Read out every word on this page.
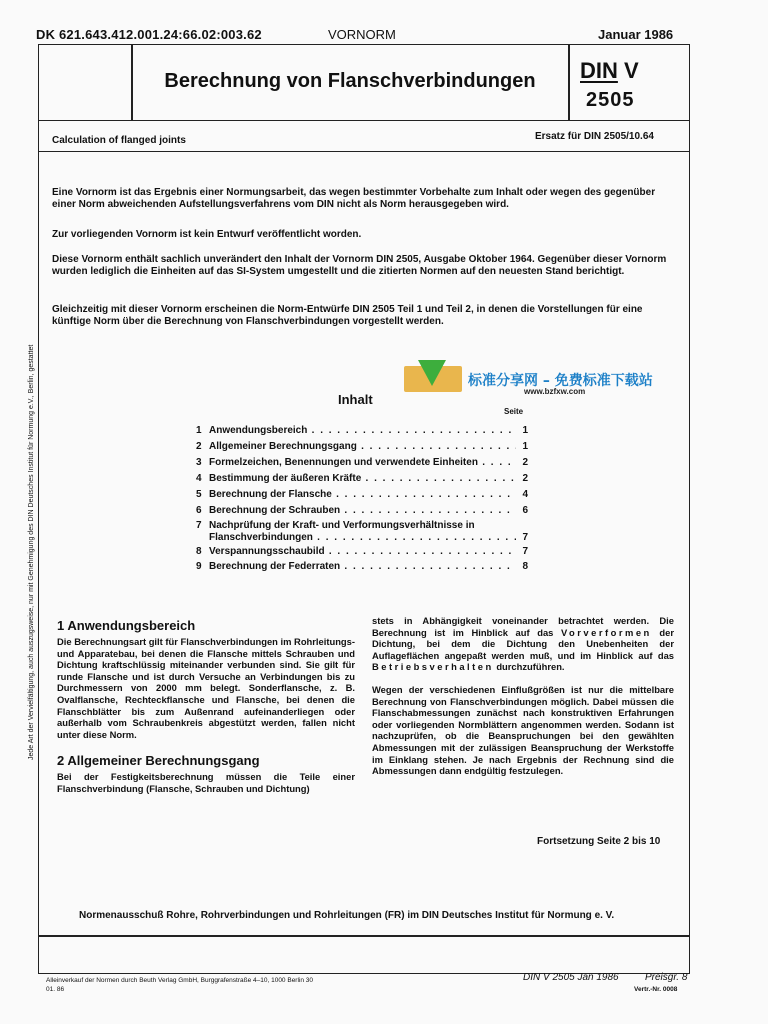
DK 621.643.412.001.24:66.02:003.62	VORNORM	Januar 1986
Berechnung von Flanschverbindungen	DIN V
2505
Calculation of flanged joints	Ersatz für DIN 2505/10.64
Jede Art der Vervielfältigung, auch auszugsweise, nur mit Genehmigung des DIN Deutsches Institut für Normung e.V., Berlin, gestattet
Eine Vornorm ist das Ergebnis einer Normungsarbeit, das wegen bestimmter Vorbehalte zum Inhalt oder wegen des gegenüber einer Norm abweichenden Aufstellungsverfahrens vom DIN nicht als Norm herausgegeben wird.
Zur vorliegenden Vornorm ist kein Entwurf veröffentlicht worden.
Diese Vornorm enthält sachlich unverändert den Inhalt der Vornorm DIN 2505, Ausgabe Oktober 1964. Gegenüber dieser Vornorm wurden lediglich die Einheiten auf das SI-System umgestellt und die zitierten Normen auf den neuesten Stand berichtigt.
Gleichzeitig mit dieser Vornorm erscheinen die Norm-Entwürfe DIN 2505 Teil 1 und Teil 2, in denen die Vorstellungen für eine künftige Norm über die Berechnung von Flanschverbindungen vorgestellt werden.
标准分享网 – 免费标准下载站
www.bzfxw.com
Inhalt
Seite
1 Anwendungsbereich . . .	1
2 Allgemeiner Berechnungsgang . . .	1
3 Formelzeichen, Benennungen und verwendete Einheiten . . .	2
4 Bestimmung der äußeren Kräfte . . .	2
5 Berechnung der Flansche . . .	4
6 Berechnung der Schrauben . . .	6
7 Nachprüfung der Kraft- und Verformungsverhältnisse in
Flanschverbindungen . . .	7
8 Verspannungsschaubild . . .	7
9 Berechnung der Federraten . . .	8
1 Anwendungsbereich
Die Berechnungsart gilt für Flanschverbindungen im Rohrleitungs- und Apparatebau, bei denen die Flansche mittels Schrauben und Dichtung kraftschlüssig miteinander verbunden sind. Sie gilt für runde Flansche und ist durch Versuche an Verbindungen bis zu Durchmessern von 2000 mm belegt. Sonderflansche, z. B. Ovalflansche, Rechteckflansche und Flansche, bei denen die Flanschblätter bis zum Außenrand aufeinanderliegen oder außerhalb vom Schraubenkreis abgestützt werden, fallen nicht unter diese Norm.
2 Allgemeiner Berechnungsgang
Bei der Festigkeitsberechnung müssen die Teile einer Flanschverbindung (Flansche, Schrauben und Dichtung)
stets in Abhängigkeit voneinander betrachtet werden. Die Berechnung ist im Hinblick auf das Vorverformen der Dichtung, bei dem die Dichtung den Unebenheiten der Auflageflächen angepaßt werden muß, und im Hinblick auf das Betriebsverhalten durchzuführen.
Wegen der verschiedenen Einflußgrößen ist nur die mittelbare Berechnung von Flanschverbindungen möglich. Dabei müssen die Flanschabmessungen zunächst nach konstruktiven Erfahrungen oder vorliegenden Normblättern angenommen werden. Sodann ist nachzuprüfen, ob die Beanspruchungen bei den gewählten Abmessungen mit der zulässigen Beanspruchung der Werkstoffe im Einklang stehen. Je nach Ergebnis der Rechnung sind die Abmessungen dann endgültig festzulegen.
Fortsetzung Seite 2 bis 10
Normenausschuß Rohre, Rohrverbindungen und Rohrleitungen (FR) im DIN Deutsches Institut für Normung e. V.
Alleinverkauf der Normen durch Beuth Verlag GmbH, Burggrafenstraße 4–10, 1000 Berlin 30
01. 86
DIN V 2505 Jan 1986	Preisgr. 8
Vertr.-Nr. 0008
